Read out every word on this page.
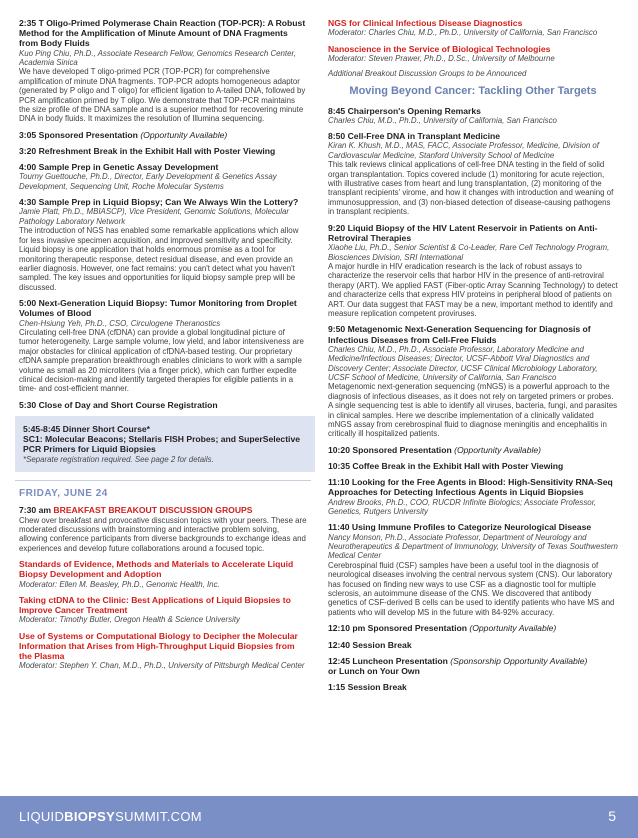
2:35 T Oligo-Primed Polymerase Chain Reaction (TOP-PCR): A Robust Method for the Amplification of Minute Amount of DNA Fragments from Body Fluids
Kuo Ping Chiu, Ph.D., Associate Research Fellow, Genomics Research Center, Academia Sinica
We have developed T oligo-primed PCR (TOP-PCR) for comprehensive amplification of minute DNA fragments. TOP-PCR adopts homogeneous adaptor (generated by P oligo and T oligo) for efficient ligation to A-tailed DNA, followed by PCR amplification primed by T oligo. We demonstrate that TOP-PCR maintains the size profile of the DNA sample and is a superior method for recovering minute DNA in body fluids. It maximizes the resolution of Illumina sequencing.
3:05 Sponsored Presentation (Opportunity Available)
3:20 Refreshment Break in the Exhibit Hall with Poster Viewing
4:00 Sample Prep in Genetic Assay Development
Tourny Guettouche, Ph.D., Director, Early Development & Genetics Assay Development, Sequencing Unit, Roche Molecular Systems
4:30 Sample Prep in Liquid Biopsy; Can We Always Win the Lottery?
Jamie Platt, Ph.D., MBIASCP), Vice President, Genomic Solutions, Molecular Pathology Laboratory Network
The introduction of NGS has enabled some remarkable applications which allow for less invasive specimen acquisition, and improved sensitivity and specificity. Liquid biopsy is one application that holds enormous promise as a tool for monitoring therapeutic response, detect residual disease, and even provide an earlier diagnosis. However, one fact remains: you can't detect what you haven't sampled. The key issues and opportunities for liquid biopsy sample prep will be discussed.
5:00 Next-Generation Liquid Biopsy: Tumor Monitoring from Droplet Volumes of Blood
Chen-Hsiung Yeh, Ph.D., CSO, Circulogene Theranostics
Circulating cell-free DNA (cfDNA) can provide a global longitudinal picture of tumor heterogeneity. Large sample volume, low yield, and labor intensiveness are major obstacles for clinical application of cfDNA-based testing. Our proprietary cfDNA sample preparation breakthrough enables clinicians to work with a sample volume as small as 20 microliters (via a finger prick), which can further expedite clinical decision-making and identify targeted therapies for eligible patients in a time- and cost-efficient manner.
5:30 Close of Day and Short Course Registration
5:45-8:45 Dinner Short Course*
SC1: Molecular Beacons; Stellaris FISH Probes; and SuperSelective PCR Primers for Liquid Biopsies
*Separate registration required. See page 2 for details.
FRIDAY, JUNE 24
7:30 am BREAKFAST BREAKOUT DISCUSSION GROUPS
Chew over breakfast and provocative discussion topics with your peers. These are moderated discussions with brainstorming and interactive problem solving, allowing conference participants from diverse backgrounds to exchange ideas and experiences and develop future collaborations around a focused topic.
Standards of Evidence, Methods and Materials to Accelerate Liquid Biopsy Development and Adoption
Moderator: Ellen M. Beasley, Ph.D., Genomic Health, Inc.
Taking ctDNA to the Clinic: Best Applications of Liquid Biopsies to Improve Cancer Treatment
Moderator: Timothy Butler, Oregon Health & Science University
Use of Systems or Computational Biology to Decipher the Molecular Information that Arises from High-Throughput Liquid Biopsies from the Plasma
Moderator: Stephen Y. Chan, M.D., Ph.D., University of Pittsburgh Medical Center
NGS for Clinical Infectious Disease Diagnostics
Moderator: Charles Chiu, M.D., Ph.D., University of California, San Francisco
Nanoscience in the Service of Biological Technologies
Moderator: Steven Prawer, Ph.D., D.Sc., University of Melbourne
Additional Breakout Discussion Groups to be Announced
Moving Beyond Cancer: Tackling Other Targets
8:45 Chairperson's Opening Remarks
Charles Chiu, M.D., Ph.D., University of California, San Francisco
8:50 Cell-Free DNA in Transplant Medicine
Kiran K. Khush, M.D., MAS, FACC, Associate Professor, Medicine, Division of Cardiovascular Medicine, Stanford University School of Medicine
This talk reviews clinical applications of cell-free DNA testing in the field of solid organ transplantation. Topics covered include (1) monitoring for acute rejection, with illustrative cases from heart and lung transplantation, (2) monitoring of the transplant recipients' virome, and how it changes with introduction and weaning of immunosuppression, and (3) non-biased detection of disease-causing pathogens in transplant recipients.
9:20 Liquid Biopsy of the HIV Latent Reservoir in Patients on Anti-Retroviral Therapies
Xiaohe Liu, Ph.D., Senior Scientist & Co-Leader, Rare Cell Technology Program, Biosciences Division, SRI International
A major hurdle in HIV eradication research is the lack of robust assays to characterize the reservoir cells that harbor HIV in the presence of anti-retroviral therapy (ART). We applied FAST (Fiber-optic Array Scanning Technology) to detect and characterize cells that express HIV proteins in peripheral blood of patients on ART. Our data suggest that FAST may be a new, important method to identify and measure replication competent proviruses.
9:50 Metagenomic Next-Generation Sequencing for Diagnosis of Infectious Diseases from Cell-Free Fluids
Charles Chiu, M.D., Ph.D., Associate Professor, Laboratory Medicine and Medicine/Infectious Diseases; Director, UCSF-Abbott Viral Diagnostics and Discovery Center; Associate Director, UCSF Clinical Microbiology Laboratory, UCSF School of Medicine, University of California, San Francisco
Metagenomic next-generation sequencing (mNGS) is a powerful approach to the diagnosis of infectious diseases, as it does not rely on targeted primers or probes. A single sequencing test is able to identify all viruses, bacteria, fungi, and parasites in clinical samples. Here we describe implementation of a clinically validated mNGS assay from cerebrospinal fluid to diagnose meningitis and encephalitis in critically ill hospitalized patients.
10:20 Sponsored Presentation (Opportunity Available)
10:35 Coffee Break in the Exhibit Hall with Poster Viewing
11:10 Looking for the Free Agents in Blood: High-Sensitivity RNA-Seq Approaches for Detecting Infectious Agents in Liquid Biopsies
Andrew Brooks, Ph.D., COO, RUCDR Infinite Biologics; Associate Professor, Genetics, Rutgers University
11:40 Using Immune Profiles to Categorize Neurological Disease
Nancy Monson, Ph.D., Associate Professor, Department of Neurology and Neurotherapeutics & Department of Immunology, University of Texas Southwestern Medical Center
Cerebrospinal fluid (CSF) samples have been a useful tool in the diagnosis of neurological diseases involving the central nervous system (CNS). Our laboratory has focused on finding new ways to use CSF as a diagnostic tool for multiple sclerosis, an autoimmune disease of the CNS. We discovered that antibody genetics of CSF-derived B cells can be used to identify patients who have MS and patients who will develop MS in the future with 84-92% accuracy.
12:10 pm Sponsored Presentation (Opportunity Available)
12:40 Session Break
12:45 Luncheon Presentation (Sponsorship Opportunity Available)
or Lunch on Your Own
1:15 Session Break
LIQUIDBIOPSYSUMMIT.COM	5
